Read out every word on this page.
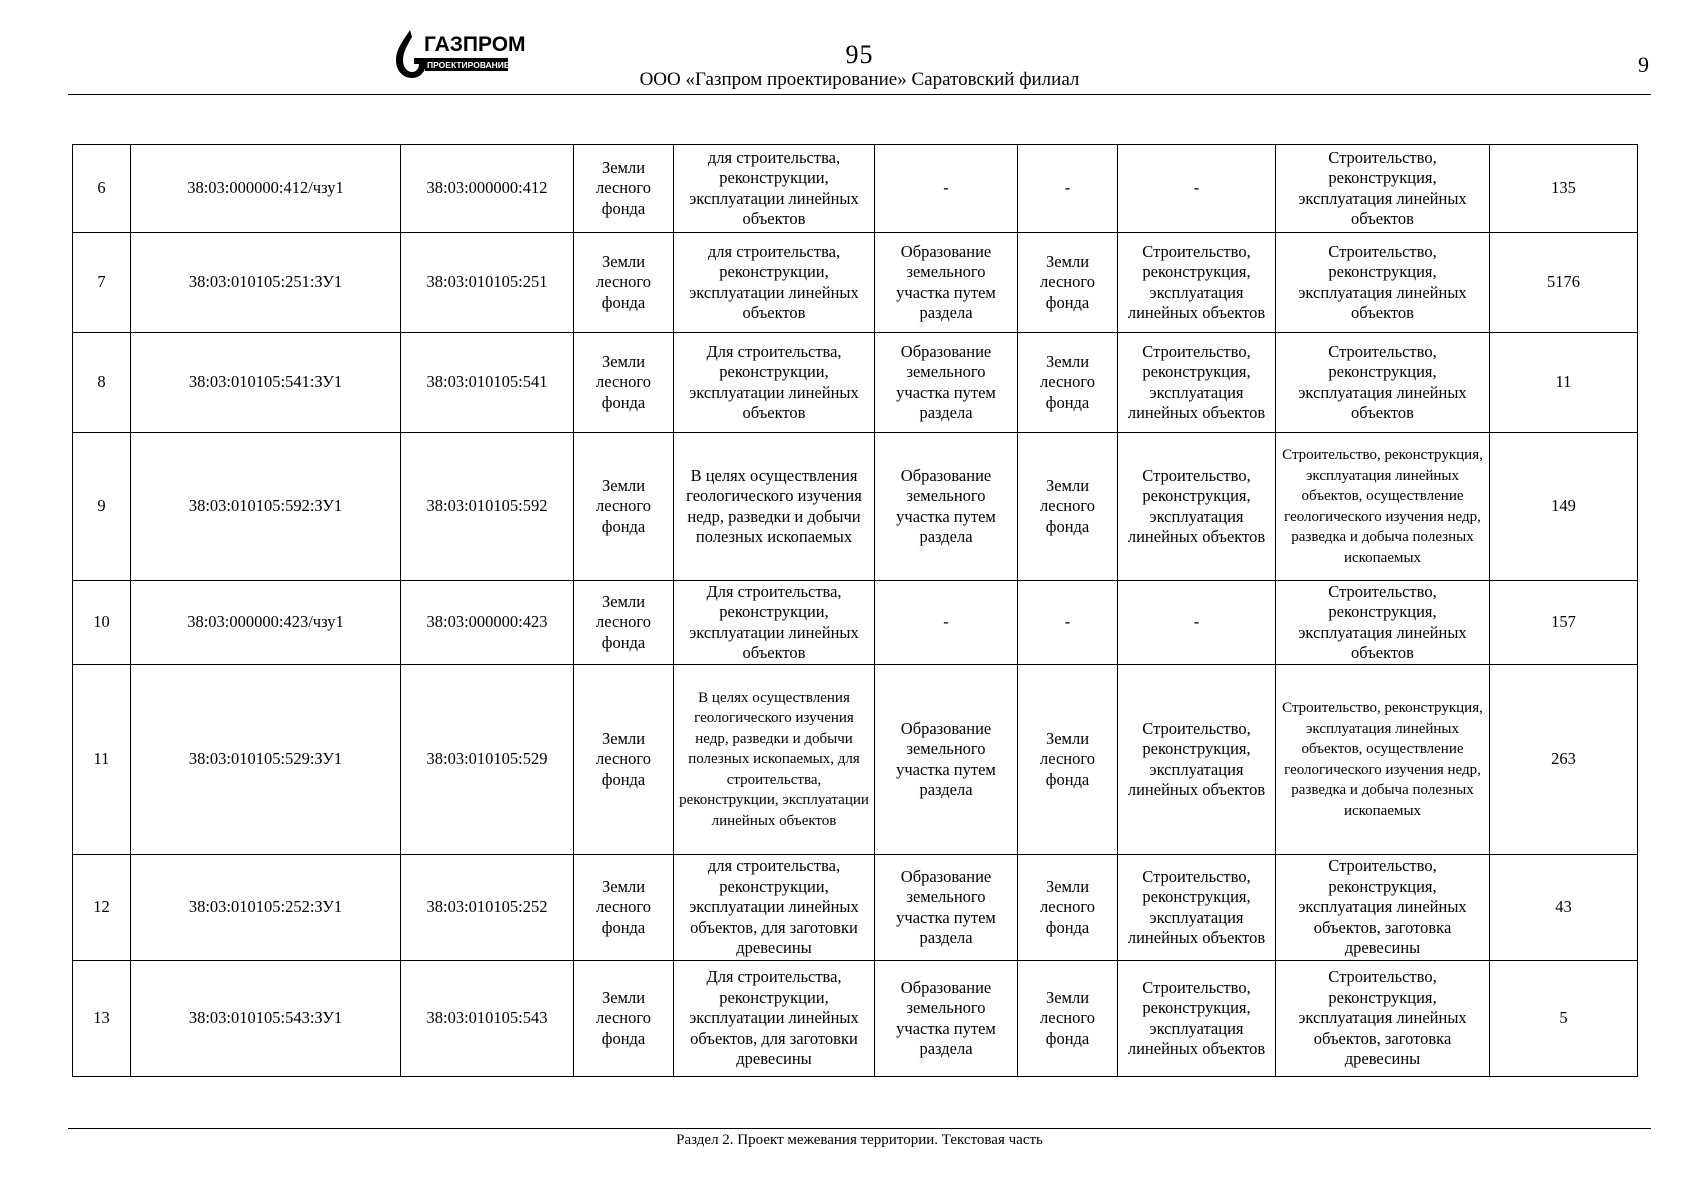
ГАЗПРОМ
ПРОЕКТИРОВАНИЕ	95
ООО «Газпром проектирование» Саратовский филиал
9
6	38:03:000000:412/чзу1	38:03:000000:412	Земли лесного фонда	для строительства, реконструкции, эксплуатации линейных объектов	-	-	-	Строительство, реконструкция, эксплуатация линейных объектов	135
7	38:03:010105:251:ЗУ1	38:03:010105:251	Земли лесного фонда	для строительства, реконструкции, эксплуатации линейных объектов	Образование земельного участка путем раздела	Земли лесного фонда	Строительство, реконструкция, эксплуатация линейных объектов	Строительство, реконструкция, эксплуатация линейных объектов	5176
8	38:03:010105:541:ЗУ1	38:03:010105:541	Земли лесного фонда	Для строительства, реконструкции, эксплуатации линейных объектов	Образование земельного участка путем раздела	Земли лесного фонда	Строительство, реконструкция, эксплуатация линейных объектов	Строительство, реконструкция, эксплуатация линейных объектов	11
9	38:03:010105:592:ЗУ1	38:03:010105:592	Земли лесного фонда	В целях осуществления геологического изучения недр, разведки и добычи полезных ископаемых	Образование земельного участка путем раздела	Земли лесного фонда	Строительство, реконструкция, эксплуатация линейных объектов	Строительство, реконструкция, эксплуатация линейных объектов, осуществление геологического изучения недр, разведка и добыча полезных ископаемых	149
10	38:03:000000:423/чзу1	38:03:000000:423	Земли лесного фонда	Для строительства, реконструкции, эксплуатации линейных объектов	-	-	-	Строительство, реконструкция, эксплуатация линейных объектов	157
11	38:03:010105:529:ЗУ1	38:03:010105:529	Земли лесного фонда	В целях осуществления геологического изучения недр, разведки и добычи полезных ископаемых, для строительства, реконструкции, эксплуатации линейных объектов	Образование земельного участка путем раздела	Земли лесного фонда	Строительство, реконструкция, эксплуатация линейных объектов	Строительство, реконструкция, эксплуатация линейных объектов, осуществление геологического изучения недр, разведка и добыча полезных ископаемых	263
12	38:03:010105:252:ЗУ1	38:03:010105:252	Земли лесного фонда	для строительства, реконструкции, эксплуатации линейных объектов, для заготовки древесины	Образование земельного участка путем раздела	Земли лесного фонда	Строительство, реконструкция, эксплуатация линейных объектов	Строительство, реконструкция, эксплуатация линейных объектов, заготовка древесины	43
13	38:03:010105:543:ЗУ1	38:03:010105:543	Земли лесного фонда	Для строительства, реконструкции, эксплуатации линейных объектов, для заготовки древесины	Образование земельного участка путем раздела	Земли лесного фонда	Строительство, реконструкция, эксплуатация линейных объектов	Строительство, реконструкция, эксплуатация линейных объектов, заготовка древесины	5
Раздел 2. Проект межевания территории. Текстовая часть
